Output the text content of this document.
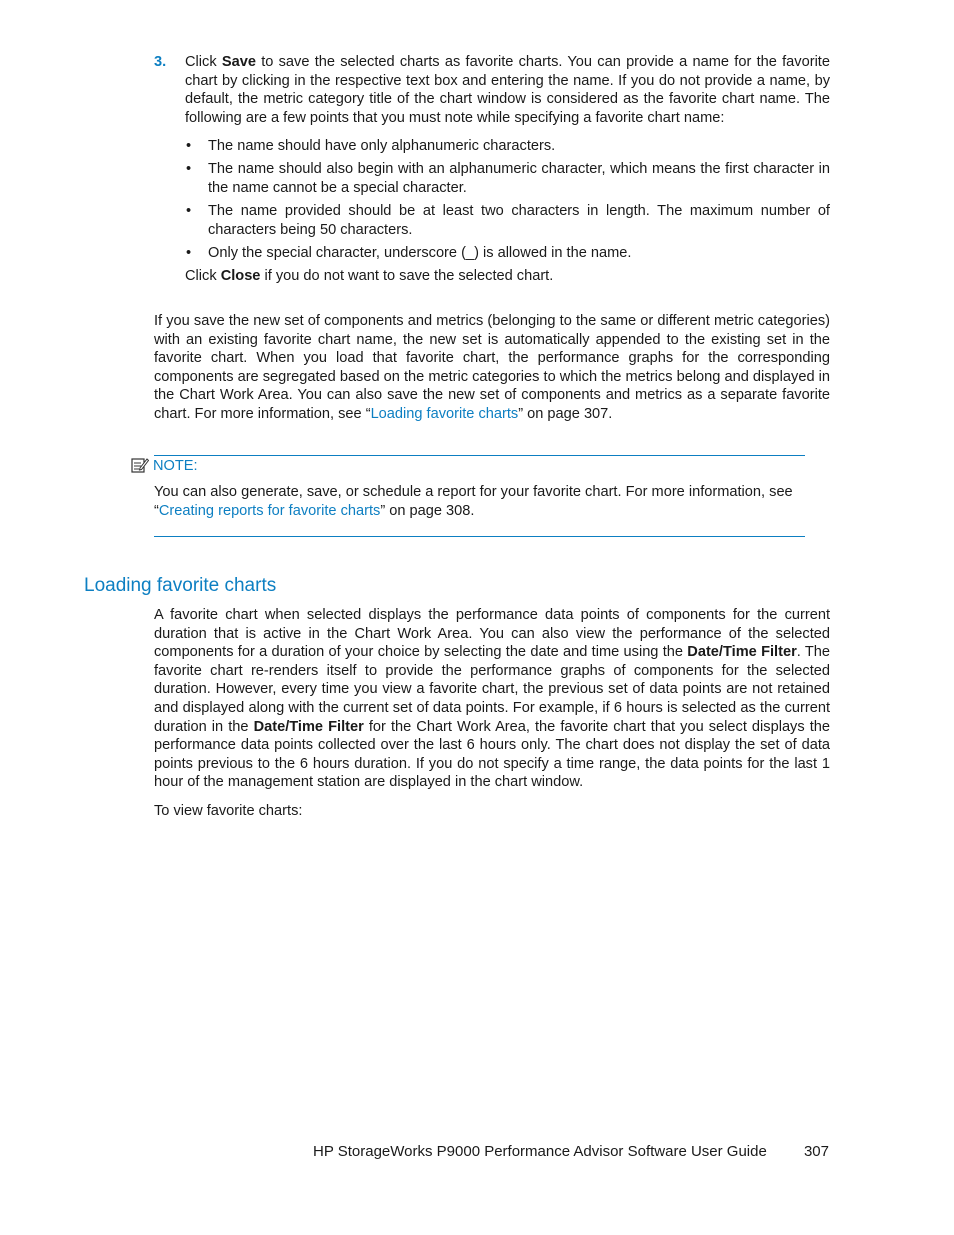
3. Click Save to save the selected charts as favorite charts. You can provide a name for the favorite chart by clicking in the respective text box and entering the name. If you do not provide a name, by default, the metric category title of the chart window is considered as the favorite chart name. The following are a few points that you must note while specifying a favorite chart name:

• The name should have only alphanumeric characters.
• The name should also begin with an alphanumeric character, which means the first character in the name cannot be a special character.
• The name provided should be at least two characters in length. The maximum number of characters being 50 characters.
• Only the special character, underscore (_) is allowed in the name.

Click Close if you do not want to save the selected chart.

If you save the new set of components and metrics (belonging to the same or different metric categories) with an existing favorite chart name, the new set is automatically appended to the existing set in the favorite chart. When you load that favorite chart, the performance graphs for the corresponding components are segregated based on the metric categories to which the metrics belong and displayed in the Chart Work Area. You can also save the new set of components and metrics as a separate favorite chart. For more information, see “Loading favorite charts” on page 307.
NOTE:
You can also generate, save, or schedule a report for your favorite chart. For more information, see “Creating reports for favorite charts” on page 308.
Loading favorite charts
A favorite chart when selected displays the performance data points of components for the current duration that is active in the Chart Work Area. You can also view the performance of the selected components for a duration of your choice by selecting the date and time using the Date/Time Filter. The favorite chart re-renders itself to provide the performance graphs of components for the selected duration. However, every time you view a favorite chart, the previous set of data points are not retained and displayed along with the current set of data points. For example, if 6 hours is selected as the current duration in the Date/Time Filter for the Chart Work Area, the favorite chart that you select displays the performance data points collected over the last 6 hours only. The chart does not display the set of data points previous to the 6 hours duration. If you do not specify a time range, the data points for the last 1 hour of the management station are displayed in the chart window.
To view favorite charts:
HP StorageWorks P9000 Performance Advisor Software User Guide 307
